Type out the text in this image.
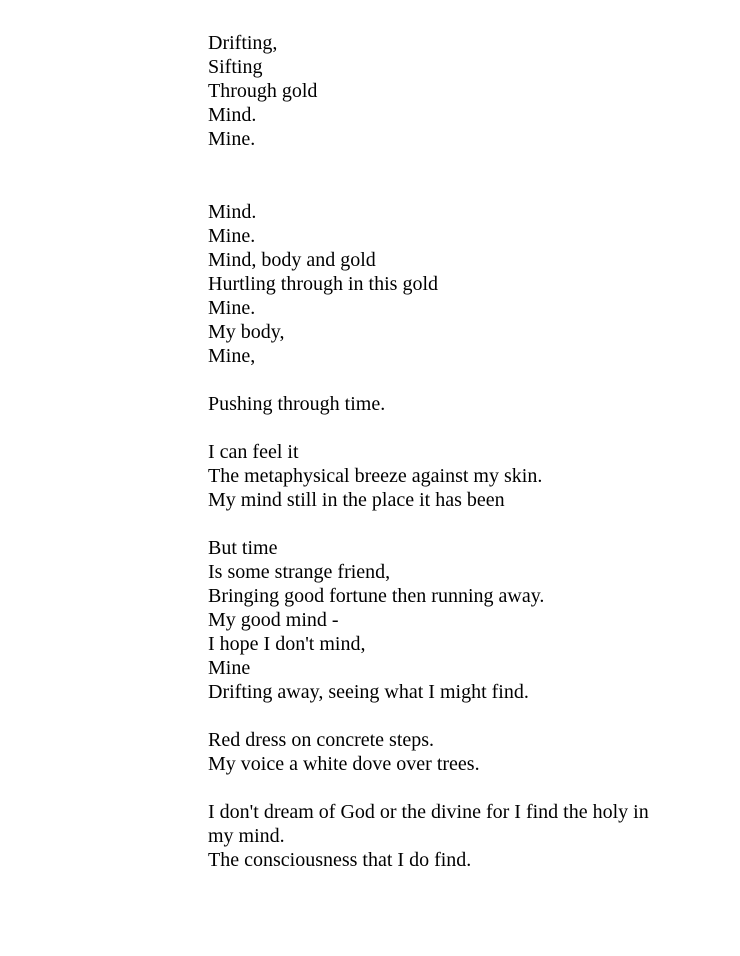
Drifting,
Sifting
Through gold
Mind.
Mine.
Mind.
Mine.
Mind, body and gold
Hurtling through in this gold
Mine.
My body,
Mine,
Pushing through time.
I can feel it
The metaphysical breeze against my skin.
My mind still in the place it has been
But time
Is some strange friend,
Bringing good fortune then running away.
My good mind -
I hope I don't mind,
Mine
Drifting away, seeing what I might find.
Red dress on concrete steps.
My voice a white dove over trees.
I don't dream of God or the divine for I find the holy in my mind.
The consciousness that I do find.
